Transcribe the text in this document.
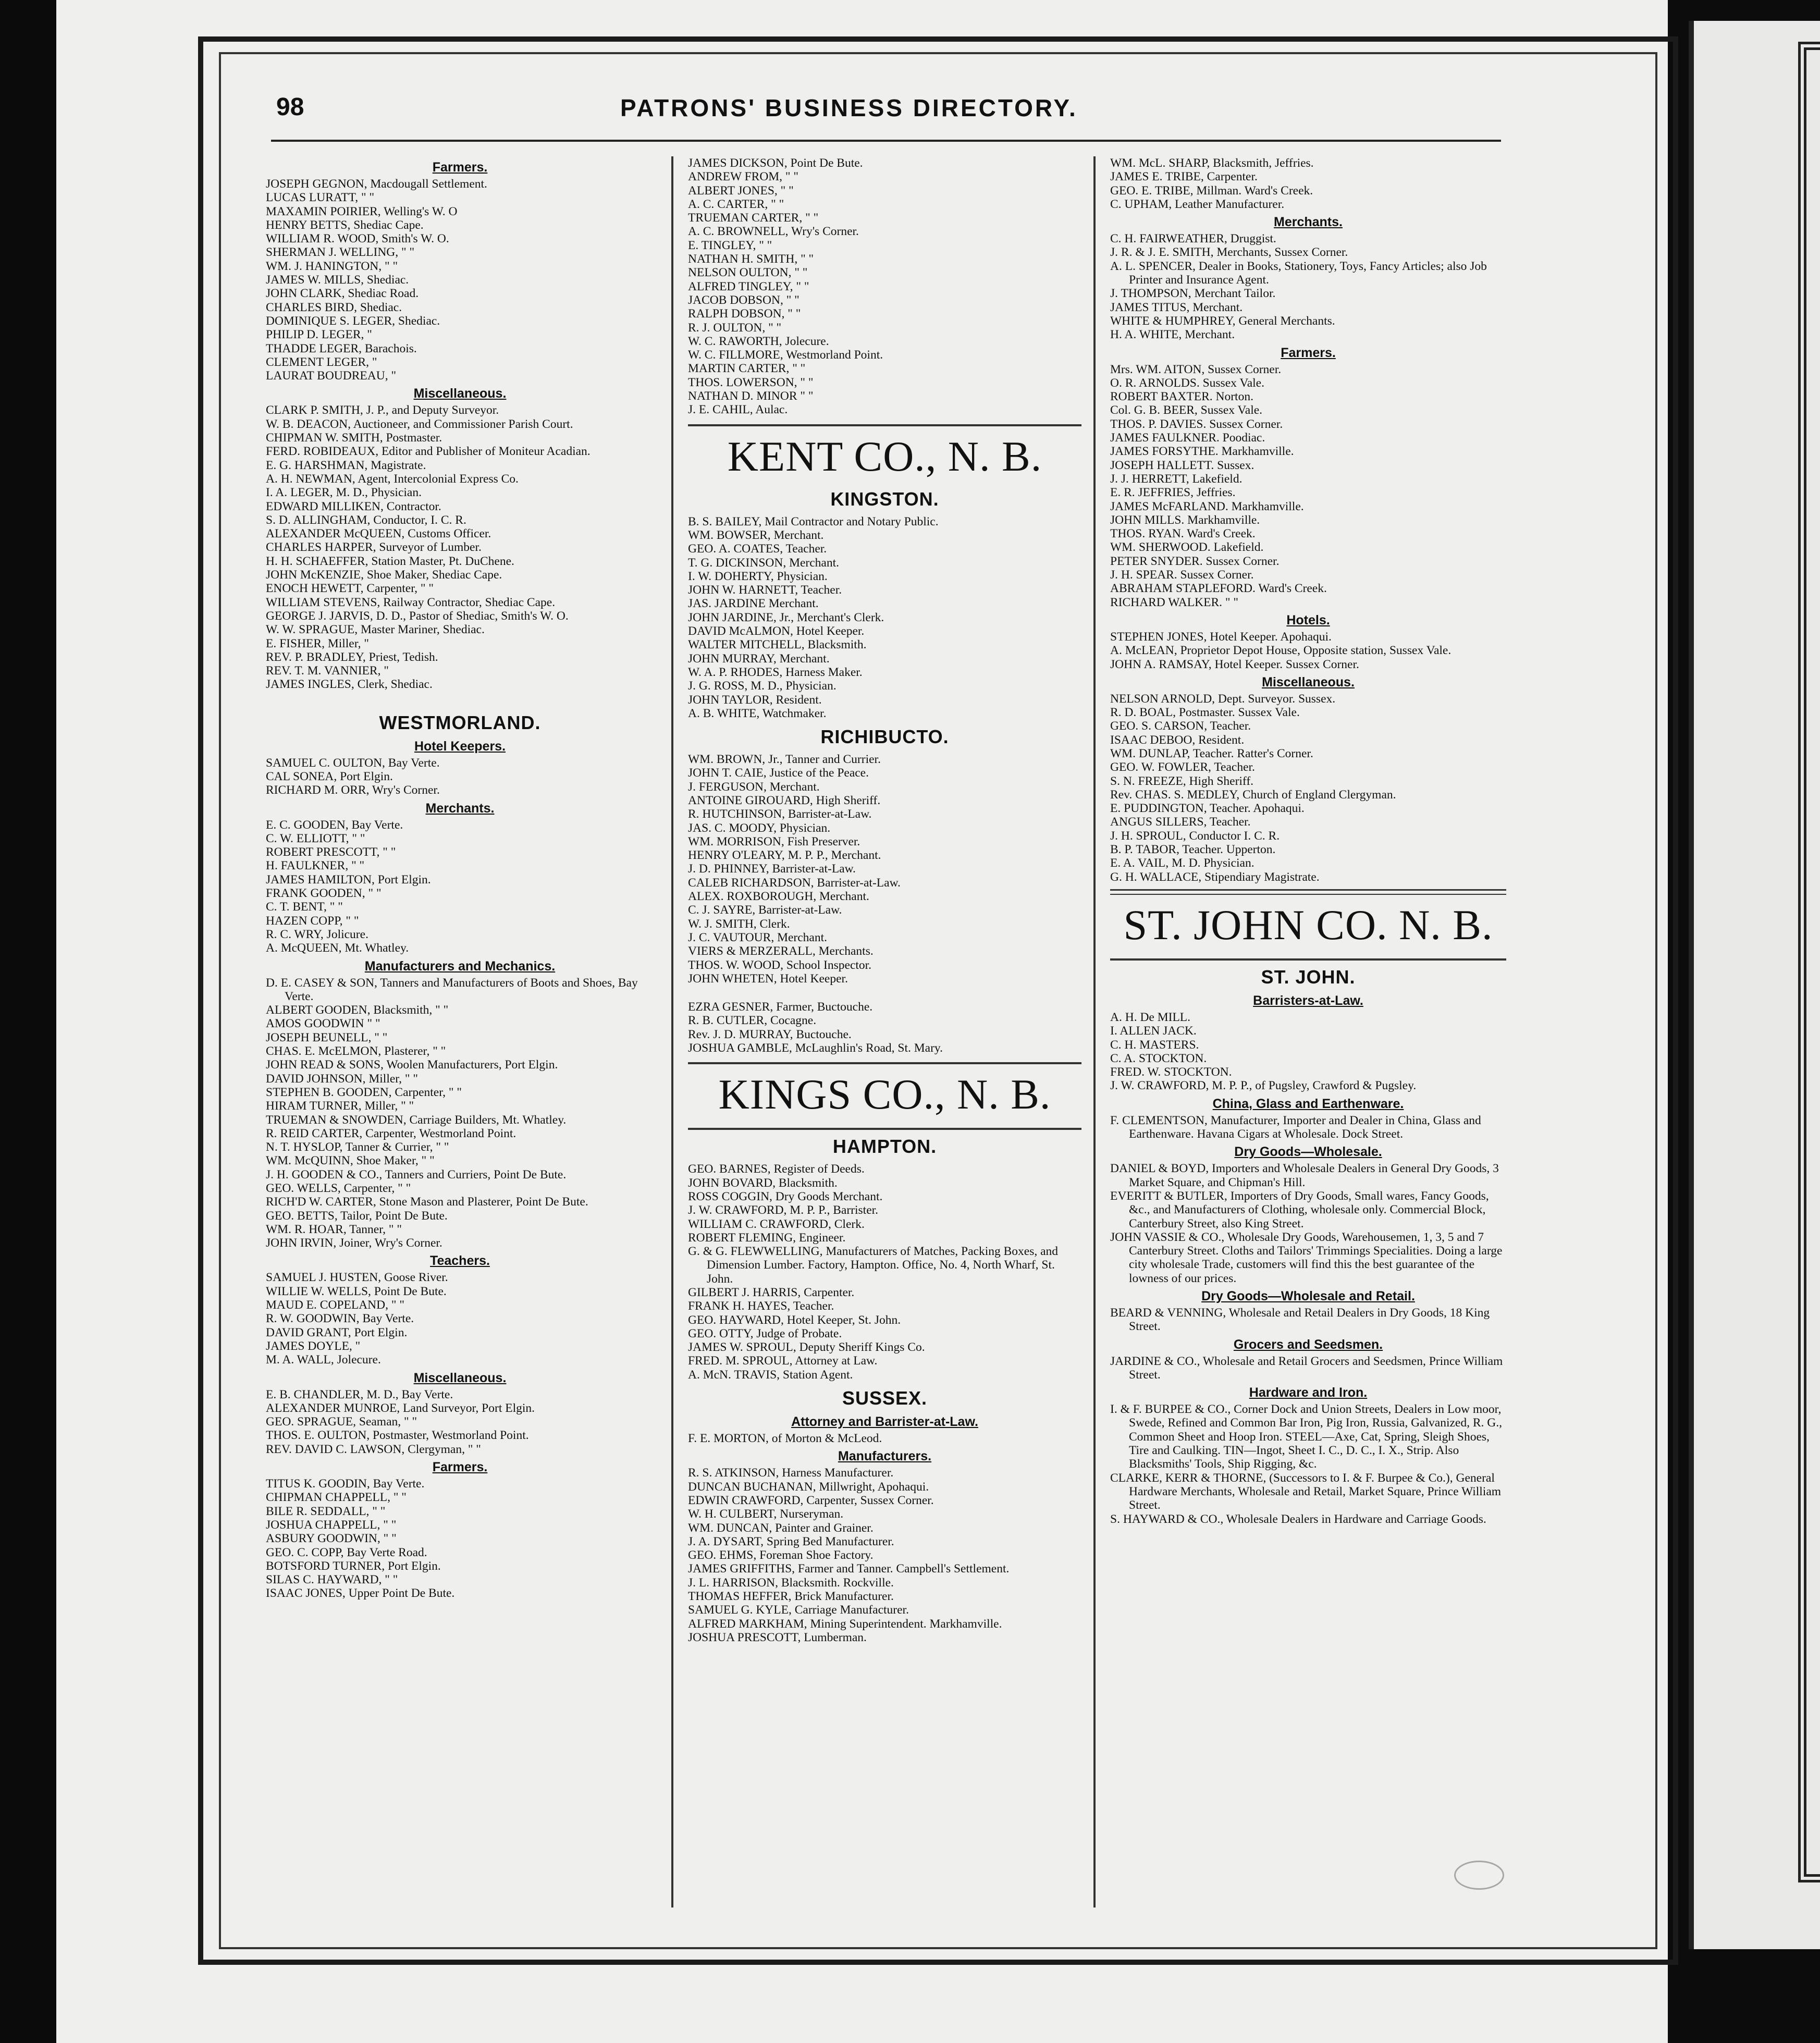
98	PATRONS' BUSINESS DIRECTORY.
Farmers.
JOSEPH GEGNON, Macdougall Settlement.
LUCAS LURATT, " "
MAXAMIN POIRIER, Welling's W. O
HENRY BETTS, Shediac Cape.
WILLIAM R. WOOD, Smith's W. O.
SHERMAN J. WELLING, " "
WM. J. HANINGTON, " "
JAMES W. MILLS, Shediac.
JOHN CLARK, Shediac Road.
CHARLES BIRD, Shediac.
DOMINIQUE S. LEGER, Shediac.
PHILIP D. LEGER, "
THADDE LEGER, Barachois.
CLEMENT LEGER, "
LAURAT BOUDREAU, "
Miscellaneous.
CLARK P. SMITH, J. P., and Deputy Surveyor.
W. B. DEACON, Auctioneer, and Commissioner Parish Court.
CHIPMAN W. SMITH, Postmaster.
FERD. ROBIDEAUX, Editor and Publisher of Moniteur Acadian.
E. G. HARSHMAN, Magistrate.
A. H. NEWMAN, Agent, Intercolonial Express Co.
I. A. LEGER, M. D., Physician.
EDWARD MILLIKEN, Contractor.
S. D. ALLINGHAM, Conductor, I. C. R.
ALEXANDER McQUEEN, Customs Officer.
CHARLES HARPER, Surveyor of Lumber.
H. H. SCHAEFFER, Station Master, Pt. DuChene.
JOHN McKENZIE, Shoe Maker, Shediac Cape.
ENOCH HEWETT, Carpenter, " "
WILLIAM STEVENS, Railway Contractor, Shediac Cape.
GEORGE J. JARVIS, D. D., Pastor of Shediac, Smith's W. O.
W. W. SPRAGUE, Master Mariner, Shediac.
E. FISHER, Miller, "
REV. P. BRADLEY, Priest, Tedish.
REV. T. M. VANNIER, "
JAMES INGLES, Clerk, Shediac.
WESTMORLAND.
Hotel Keepers.
SAMUEL C. OULTON, Bay Verte.
CAL SONEA, Port Elgin.
RICHARD M. ORR, Wry's Corner.
Merchants.
E. C. GOODEN, Bay Verte.
C. W. ELLIOTT, " "
ROBERT PRESCOTT, " "
H. FAULKNER, " "
JAMES HAMILTON, Port Elgin.
FRANK GOODEN, " "
C. T. BENT, " "
HAZEN COPP, " "
R. C. WRY, Jolicure.
A. McQUEEN, Mt. Whatley.
Manufacturers and Mechanics.
D. E. CASEY & SON, Tanners and Manufacturers of Boots and Shoes, Bay Verte.
ALBERT GOODEN, Blacksmith, " "
AMOS GOODWIN " "
JOSEPH BEUNELL, " "
CHAS. E. McELMON, Plasterer, " "
JOHN READ & SONS, Woolen Manufacturers, Port Elgin.
DAVID JOHNSON, Miller, " "
STEPHEN B. GOODEN, Carpenter, " "
HIRAM TURNER, Miller, " "
TRUEMAN & SNOWDEN, Carriage Builders, Mt. Whatley.
R. REID CARTER, Carpenter, Westmorland Point.
N. T. HYSLOP, Tanner & Currier, " "
WM. McQUINN, Shoe Maker, " "
J. H. GOODEN & CO., Tanners and Curriers, Point De Bute.
GEO. WELLS, Carpenter, " "
RICH'D W. CARTER, Stone Mason and Plasterer, Point De Bute.
GEO. BETTS, Tailor, Point De Bute.
WM. R. HOAR, Tanner, " "
JOHN IRVIN, Joiner, Wry's Corner.
Teachers.
SAMUEL J. HUSTEN, Goose River.
WILLIE W. WELLS, Point De Bute.
MAUD E. COPELAND, " "
R. W. GOODWIN, Bay Verte.
DAVID GRANT, Port Elgin.
JAMES DOYLE, "
M. A. WALL, Jolecure.
Miscellaneous.
E. B. CHANDLER, M. D., Bay Verte.
ALEXANDER MUNROE, Land Surveyor, Port Elgin.
GEO. SPRAGUE, Seaman, " "
THOS. E. OULTON, Postmaster, Westmorland Point.
REV. DAVID C. LAWSON, Clergyman, " "
Farmers.
TITUS K. GOODIN, Bay Verte.
CHIPMAN CHAPPELL, " "
BILE R. SEDDALL, " "
JOSHUA CHAPPELL, " "
ASBURY GOODWIN, " "
GEO. C. COPP, Bay Verte Road.
BOTSFORD TURNER, Port Elgin.
SILAS C. HAYWARD, " "
ISAAC JONES, Upper Point De Bute.
JAMES DICKSON, Point De Bute.
ANDREW FROM, " "
ALBERT JONES, " "
A. C. CARTER, " "
TRUEMAN CARTER, " "
A. C. BROWNELL, Wry's Corner.
E. TINGLEY, " "
NATHAN H. SMITH, " "
NELSON OULTON, " "
ALFRED TINGLEY, " "
JACOB DOBSON, " "
RALPH DOBSON, " "
R. J. OULTON, " "
W. C. RAWORTH, Jolecure.
W. C. FILLMORE, Westmorland Point.
MARTIN CARTER, " "
THOS. LOWERSON, " "
NATHAN D. MINOR " "
J. E. CAHIL, Aulac.
KENT CO., N. B.
KINGSTON.
B. S. BAILEY, Mail Contractor and Notary Public.
WM. BOWSER, Merchant.
GEO. A. COATES, Teacher.
T. G. DICKINSON, Merchant.
I. W. DOHERTY, Physician.
JOHN W. HARNETT, Teacher.
JAS. JARDINE Merchant.
JOHN JARDINE, Jr., Merchant's Clerk.
DAVID McALMON, Hotel Keeper.
WALTER MITCHELL, Blacksmith.
JOHN MURRAY, Merchant.
W. A. P. RHODES, Harness Maker.
J. G. ROSS, M. D., Physician.
JOHN TAYLOR, Resident.
A. B. WHITE, Watchmaker.
RICHIBUCTO.
WM. BROWN, Jr., Tanner and Currier.
JOHN T. CAIE, Justice of the Peace.
J. FERGUSON, Merchant.
ANTOINE GIROUARD, High Sheriff.
R. HUTCHINSON, Barrister-at-Law.
JAS. C. MOODY, Physician.
WM. MORRISON, Fish Preserver.
HENRY O'LEARY, M. P. P., Merchant.
J. D. PHINNEY, Barrister-at-Law.
CALEB RICHARDSON, Barrister-at-Law.
ALEX. ROXBOROUGH, Merchant.
C. J. SAYRE, Barrister-at-Law.
W. J. SMITH, Clerk.
J. C. VAUTOUR, Merchant.
VIERS & MERZERALL, Merchants.
THOS. W. WOOD, School Inspector.
JOHN WHETEN, Hotel Keeper.
EZRA GESNER, Farmer, Buctouche.
R. B. CUTLER, Cocagne.
Rev. J. D. MURRAY, Buctouche.
JOSHUA GAMBLE, McLaughlin's Road, St. Mary.
KINGS CO., N. B.
HAMPTON.
GEO. BARNES, Register of Deeds.
JOHN BOVARD, Blacksmith.
ROSS COGGIN, Dry Goods Merchant.
J. W. CRAWFORD, M. P. P., Barrister.
WILLIAM C. CRAWFORD, Clerk.
ROBERT FLEMING, Engineer.
G. & G. FLEWWELLING, Manufacturers of Matches, Packing Boxes, and Dimension Lumber. Factory, Hampton. Office, No. 4, North Wharf, St. John.
GILBERT J. HARRIS, Carpenter.
FRANK H. HAYES, Teacher.
GEO. HAYWARD, Hotel Keeper, St. John.
GEO. OTTY, Judge of Probate.
JAMES W. SPROUL, Deputy Sheriff Kings Co.
FRED. M. SPROUL, Attorney at Law.
A. McN. TRAVIS, Station Agent.
SUSSEX.
Attorney and Barrister-at-Law.
F. E. MORTON, of Morton & McLeod.
Manufacturers.
R. S. ATKINSON, Harness Manufacturer.
DUNCAN BUCHANAN, Millwright, Apohaqui.
EDWIN CRAWFORD, Carpenter, Sussex Corner.
W. H. CULBERT, Nurseryman.
WM. DUNCAN, Painter and Grainer.
J. A. DYSART, Spring Bed Manufacturer.
GEO. EHMS, Foreman Shoe Factory.
JAMES GRIFFITHS, Farmer and Tanner. Campbell's Settlement.
J. L. HARRISON, Blacksmith. Rockville.
THOMAS HEFFER, Brick Manufacturer.
SAMUEL G. KYLE, Carriage Manufacturer.
ALFRED MARKHAM, Mining Superintendent. Markhamville.
JOSHUA PRESCOTT, Lumberman.
WM. McL. SHARP, Blacksmith, Jeffries.
JAMES E. TRIBE, Carpenter.
GEO. E. TRIBE, Millman. Ward's Creek.
C. UPHAM, Leather Manufacturer.
Merchants.
C. H. FAIRWEATHER, Druggist.
J. R. & J. E. SMITH, Merchants, Sussex Corner.
A. L. SPENCER, Dealer in Books, Stationery, Toys, Fancy Articles; also Job Printer and Insurance Agent.
J. THOMPSON, Merchant Tailor.
JAMES TITUS, Merchant.
WHITE & HUMPHREY, General Merchants.
H. A. WHITE, Merchant.
Farmers.
Mrs. WM. AITON, Sussex Corner.
O. R. ARNOLDS. Sussex Vale.
ROBERT BAXTER. Norton.
Col. G. B. BEER, Sussex Vale.
THOS. P. DAVIES. Sussex Corner.
JAMES FAULKNER. Poodiac.
JAMES FORSYTHE. Markhamville.
JOSEPH HALLETT. Sussex.
J. J. HERRETT, Lakefield.
E. R. JEFFRIES, Jeffries.
JAMES McFARLAND. Markhamville.
JOHN MILLS. Markhamville.
THOS. RYAN. Ward's Creek.
WM. SHERWOOD. Lakefield.
PETER SNYDER. Sussex Corner.
J. H. SPEAR. Sussex Corner.
ABRAHAM STAPLEFORD. Ward's Creek.
RICHARD WALKER. " "
Hotels.
STEPHEN JONES, Hotel Keeper. Apohaqui.
A. McLEAN, Proprietor Depot House, Opposite station, Sussex Vale.
JOHN A. RAMSAY, Hotel Keeper. Sussex Corner.
Miscellaneous.
NELSON ARNOLD, Dept. Surveyor. Sussex.
R. D. BOAL, Postmaster. Sussex Vale.
GEO. S. CARSON, Teacher.
ISAAC DEBOO, Resident.
WM. DUNLAP, Teacher. Ratter's Corner.
GEO. W. FOWLER, Teacher.
S. N. FREEZE, High Sheriff.
Rev. CHAS. S. MEDLEY, Church of England Clergyman.
E. PUDDINGTON, Teacher. Apohaqui.
ANGUS SILLERS, Teacher.
J. H. SPROUL, Conductor I. C. R.
B. P. TABOR, Teacher. Upperton.
E. A. VAIL, M. D. Physician.
G. H. WALLACE, Stipendiary Magistrate.
ST. JOHN CO. N. B.
ST. JOHN.
Barristers-at-Law.
A. H. De MILL.
I. ALLEN JACK.
C. H. MASTERS.
C. A. STOCKTON.
FRED. W. STOCKTON.
J. W. CRAWFORD, M. P. P., of Pugsley, Crawford & Pugsley.
China, Glass and Earthenware.
F. CLEMENTSON, Manufacturer, Importer and Dealer in China, Glass and Earthenware. Havana Cigars at Wholesale. Dock Street.
Dry Goods—Wholesale.
DANIEL & BOYD, Importers and Wholesale Dealers in General Dry Goods, 3 Market Square, and Chipman's Hill.
EVERITT & BUTLER, Importers of Dry Goods, Small wares, Fancy Goods, &c., and Manufacturers of Clothing, wholesale only. Commercial Block, Canterbury Street, also King Street.
JOHN VASSIE & CO., Wholesale Dry Goods, Warehousemen, 1, 3, 5 and 7 Canterbury Street. Cloths and Tailors' Trimmings Specialities. Doing a large city wholesale Trade, customers will find this the best guarantee of the lowness of our prices.
Dry Goods—Wholesale and Retail.
BEARD & VENNING, Wholesale and Retail Dealers in Dry Goods, 18 King Street.
Grocers and Seedsmen.
JARDINE & CO., Wholesale and Retail Grocers and Seedsmen, Prince William Street.
Hardware and Iron.
I. & F. BURPEE & CO., Corner Dock and Union Streets, Dealers in Low moor, Swede, Refined and Common Bar Iron, Pig Iron, Russia, Galvanized, R. G., Common Sheet and Hoop Iron. STEEL—Axe, Cat, Spring, Sleigh Shoes, Tire and Caulking. TIN—Ingot, Sheet I. C., D. C., I. X., Strip. Also Blacksmiths' Tools, Ship Rigging, &c.
CLARKE, KERR & THORNE, (Successors to I. & F. Burpee & Co.), General Hardware Merchants, Wholesale and Retail, Market Square, Prince William Street.
S. HAYWARD & CO., Wholesale Dealers in Hardware and Carriage Goods.
